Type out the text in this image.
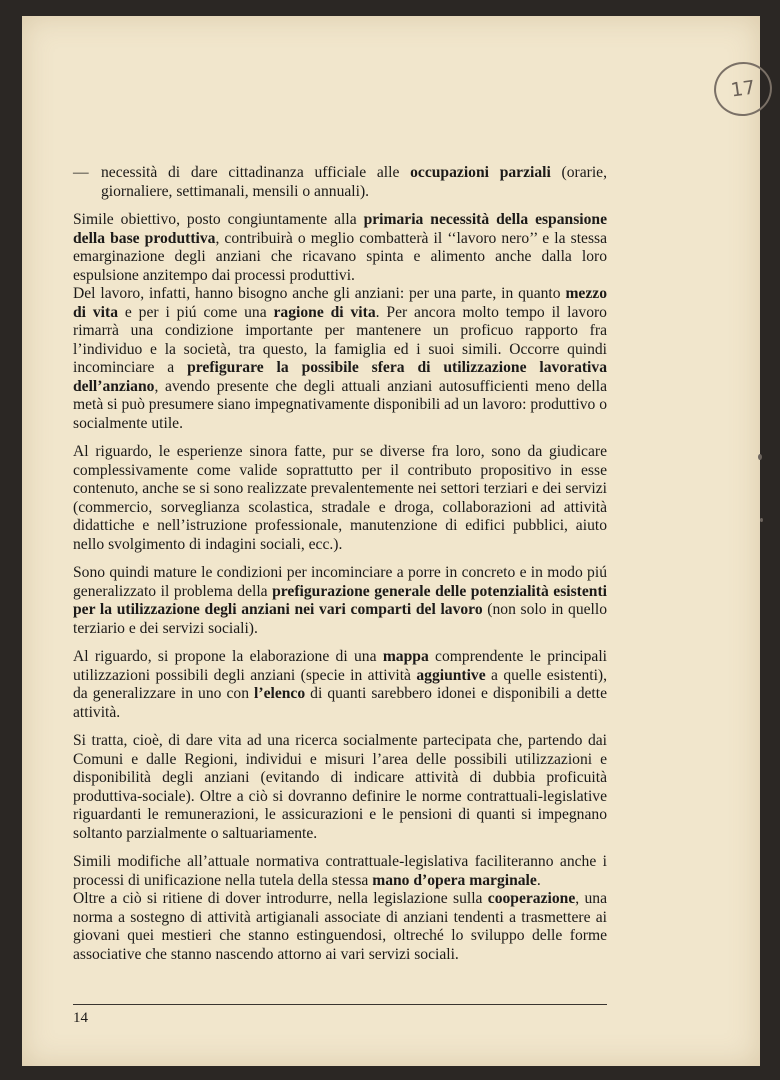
17

— necessità di dare cittadinanza ufficiale alle occupazioni parziali (orarie, giornaliere, settimanali, mensili o annuali).

Simile obiettivo, posto congiuntamente alla primaria necessità della espansione della base produttiva, contribuirà o meglio combatterà il ‘‘lavoro nero’’ e la stessa emarginazione degli anziani che ricavano spinta e alimento anche dalla loro espulsione anzitempo dai processi produttivi.

Del lavoro, infatti, hanno bisogno anche gli anziani: per una parte, in quanto mezzo di vita e per i piú come una ragione di vita. Per ancora molto tempo il lavoro rimarrà una condizione importante per mantenere un proficuo rapporto fra l’individuo e la società, tra questo, la famiglia ed i suoi simili. Occorre quindi incominciare a prefigurare la possibile sfera di utilizzazione lavorativa dell’anziano, avendo presente che degli attuali anziani autosufficienti meno della metà si può presumere siano impegnativamente disponibili ad un lavoro: produttivo o socialmente utile.

Al riguardo, le esperienze sinora fatte, pur se diverse fra loro, sono da giudicare complessivamente come valide soprattutto per il contributo propositivo in esse contenuto, anche se si sono realizzate prevalentemente nei settori terziari e dei servizi (commercio, sorveglianza scolastica, stradale e droga, collaborazioni ad attività didattiche e nell’istruzione professionale, manutenzione di edifici pubblici, aiuto nello svolgimento di indagini sociali, ecc.).

Sono quindi mature le condizioni per incominciare a porre in concreto e in modo piú generalizzato il problema della prefigurazione generale delle potenzialità esistenti per la utilizzazione degli anziani nei vari comparti del lavoro (non solo in quello terziario e dei servizi sociali).

Al riguardo, si propone la elaborazione di una mappa comprendente le principali utilizzazioni possibili degli anziani (specie in attività aggiuntive a quelle esistenti), da generalizzare in uno con l’elenco di quanti sarebbero idonei e disponibili a dette attività.

Si tratta, cioè, di dare vita ad una ricerca socialmente partecipata che, partendo dai Comuni e dalle Regioni, individui e misuri l’area delle possibili utilizzazioni e disponibilità degli anziani (evitando di indicare attività di dubbia proficuità produttiva-sociale). Oltre a ciò si dovranno definire le norme contrattuali-legislative riguardanti le remunerazioni, le assicurazioni e le pensioni di quanti si impegnano soltanto parzialmente o saltuariamente.

Simili modifiche all’attuale normativa contrattuale-legislativa faciliteranno anche i processi di unificazione nella tutela della stessa mano d’opera marginale.

Oltre a ciò si ritiene di dover introdurre, nella legislazione sulla cooperazione, una norma a sostegno di attività artigianali associate di anziani tendenti a trasmettere ai giovani quei mestieri che stanno estinguendosi, oltreché lo sviluppo delle forme associative che stanno nascendo attorno ai vari servizi sociali.

14
